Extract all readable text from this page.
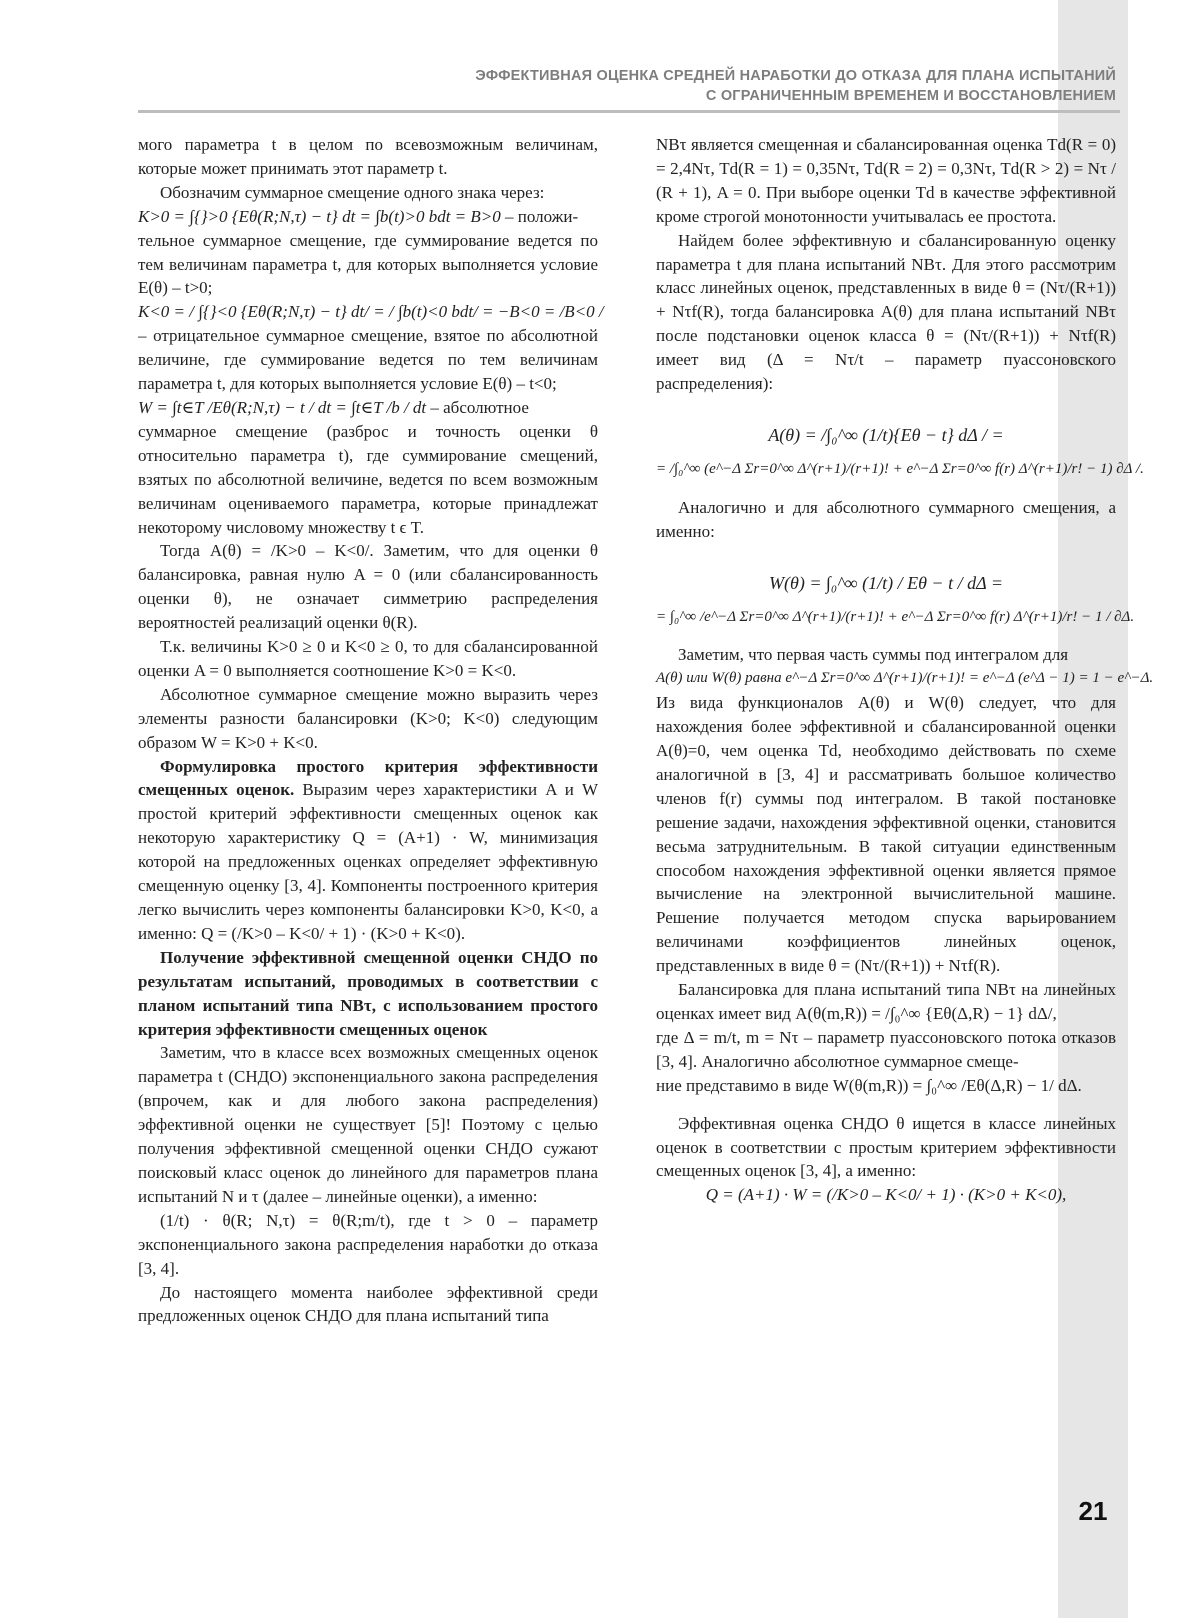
ЭФФЕКТИВНАЯ ОЦЕНКА СРЕДНЕЙ НАРАБОТКИ ДО ОТКАЗА ДЛЯ ПЛАНА ИСПЫТАНИЙ
С ОГРАНИЧЕННЫМ ВРЕМЕНЕМ И ВОССТАНОВЛЕНИЕМ

мого параметра t в целом по всевозможным величинам, которые может принимать этот параметр t.

Обозначим суммарное смещение одного знака через:

K>0 = ∫{}>0 {Eθ(R;N,τ) − t} dt = ∫b(t)>0 bdt = B>0 – положи-

тельное суммарное смещение, где суммирование ведется по тем величинам параметра t, для которых выполняется условие E(θ) – t>0;

K<0 = / ∫{}<0 {Eθ(R;N,τ) − t} dt/ = / ∫b(t)<0 bdt/ = −B<0 = /B<0 /

– отрицательное суммарное смещение, взятое по абсолютной величине, где суммирование ведется по тем величинам параметра t, для которых выполняется условие E(θ) – t<0;

W = ∫t∈T /Eθ(R;N,τ) − t / dt = ∫t∈T /b / dt – абсолютное

суммарное смещение (разброс и точность оценки θ относительно параметра t), где суммирование смещений, взятых по абсолютной величине, ведется по всем возможным величинам оцениваемого параметра, которые принадлежат некоторому числовому множеству t ϵ T.

Тогда A(θ) = /K>0 – K<0/. Заметим, что для оценки θ балансировка, равная нулю A = 0 (или сбалансированность оценки θ), не означает симметрию распределения вероятностей реализаций оценки θ(R).

Т.к. величины K>0 ≥ 0 и K<0 ≥ 0, то для сбалансированной оценки A = 0 выполняется соотношение K>0 = K<0.

Абсолютное суммарное смещение можно выразить через элементы разности балансировки (K>0; K<0) следующим образом W = K>0 + K<0.

Формулировка простого критерия эффективности смещенных оценок. Выразим через характеристики A и W простой критерий эффективности смещенных оценок как некоторую характеристику Q = (A+1) · W, минимизация которой на предложенных оценках определяет эффективную смещенную оценку [3, 4]. Компоненты построенного критерия легко вычислить через компоненты балансировки K>0, K<0, а именно: Q = (/K>0 – K<0/ + 1) · (K>0 + K<0).

Получение эффективной смещенной оценки СНДО по результатам испытаний, проводимых в соответствии с планом испытаний типа NBτ, с использованием простого критерия эффективности смещенных оценок

Заметим, что в классе всех возможных смещенных оценок параметра t (СНДО) экспоненциального закона распределения (впрочем, как и для любого закона распределения) эффективной оценки не существует [5]! Поэтому с целью получения эффективной смещенной оценки СНДО сужают поисковый класс оценок до линейного для параметров плана испытаний N и τ (далее – линейные оценки), а именно:

(1/t) · θ(R; N,τ) = θ(R;m/t), где t > 0 – параметр экспоненциального закона распределения наработки до отказа [3, 4].

До настоящего момента наиболее эффективной среди предложенных оценок СНДО для плана испытаний типа

NBτ является смещенная и сбалансированная оценка Td(R = 0) = 2,4Nτ, Td(R = 1) = 0,35Nτ, Td(R = 2) = 0,3Nτ, Td(R > 2) = Nτ / (R + 1), A = 0. При выборе оценки Td в качестве эффективной кроме строгой монотонности учитывалась ее простота.

Найдем более эффективную и сбалансированную оценку параметра t для плана испытаний NBτ. Для этого рассмотрим класс линейных оценок, представленных в виде θ = (Nτ/(R+1)) + Nτf(R), тогда балансировка A(θ) для плана испытаний NBτ после подстановки оценок класса θ = (Nτ/(R+1)) + Nτf(R) имеет вид (Δ = Nτ/t – параметр пуассоновского распределения):

A(θ) = /∫₀^∞ (1/t){Eθ − t} dΔ / =

= /∫₀^∞ (e^−Δ Σr=0^∞ Δ^(r+1)/(r+1)! + e^−Δ Σr=0^∞ f(r) Δ^(r+1)/r! − 1) ∂Δ /.

Аналогично и для абсолютного суммарного смещения, а именно:

W(θ) = ∫₀^∞ (1/t) / Eθ − t / dΔ =

= ∫₀^∞ /e^−Δ Σr=0^∞ Δ^(r+1)/(r+1)! + e^−Δ Σr=0^∞ f(r) Δ^(r+1)/r! − 1 / ∂Δ.

Заметим, что первая часть суммы под интегралом для

A(θ) или W(θ) равна e^−Δ Σr=0^∞ Δ^(r+1)/(r+1)! = e^−Δ (e^Δ − 1) = 1 − e^−Δ.

Из вида функционалов A(θ) и W(θ) следует, что для нахождения более эффективной и сбалансированной оценки A(θ)=0, чем оценка Td, необходимо действовать по схеме аналогичной в [3, 4] и рассматривать большое количество членов f(r) суммы под интегралом. В такой постановке решение задачи, нахождения эффективной оценки, становится весьма затруднительным. В такой ситуации единственным способом нахождения эффективной оценки является прямое вычисление на электронной вычислительной машине. Решение получается методом спуска варьированием величинами коэффициентов линейных оценок, представленных в виде θ = (Nτ/(R+1)) + Nτf(R).

Балансировка для плана испытаний типа NBτ на линейных оценках имеет вид A(θ(m,R)) = /∫₀^∞ {Eθ(Δ,R) − 1} dΔ/,

где Δ = m/t, m = Nτ – параметр пуассоновского потока отказов [3, 4]. Аналогично абсолютное суммарное смеще-

ние представимо в виде W(θ(m,R)) = ∫₀^∞ /Eθ(Δ,R) − 1/ dΔ.

Эффективная оценка СНДО θ ищется в классе линейных оценок в соответствии с простым критерием эффективности смещенных оценок [3, 4], а именно:

Q = (A+1) · W = (/K>0 – K<0/ + 1) · (K>0 + K<0),

21
